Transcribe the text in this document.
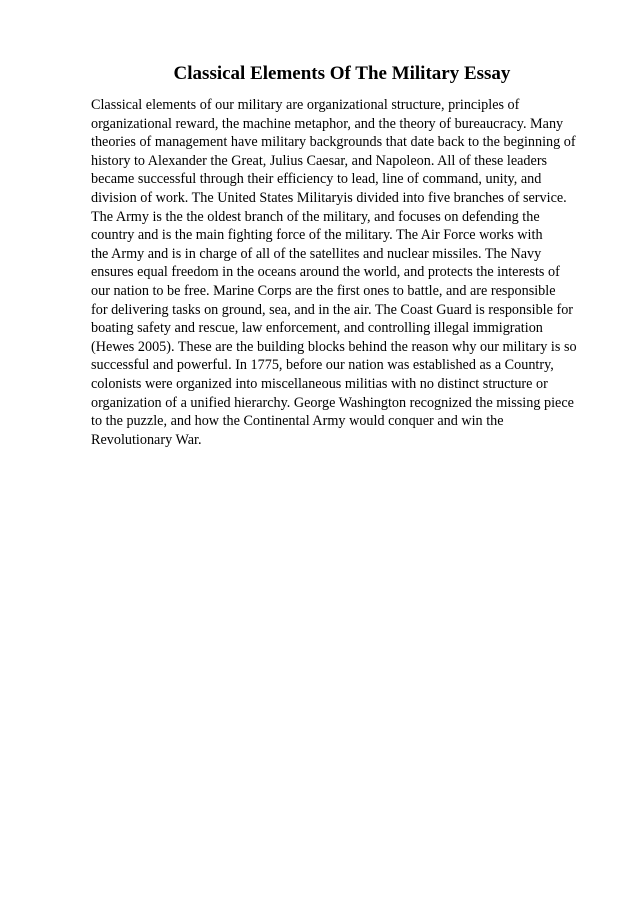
Classical Elements Of The Military Essay
Classical elements of our military are organizational structure, principles of
organizational reward, the machine metaphor, and the theory of bureaucracy. Many
theories of management have military backgrounds that date back to the beginning of
history to Alexander the Great, Julius Caesar, and Napoleon. All of these leaders
became successful through their efficiency to lead, line of command, unity, and
division of work. The United States Militaryis divided into five branches of service.
The Army is the the oldest branch of the military, and focuses on defending the
country and is the main fighting force of the military. The Air Force works with
the Army and is in charge of all of the satellites and nuclear missiles. The Navy
ensures equal freedom in the oceans around the world, and protects the interests of
our nation to be free. Marine Corps are the first ones to battle, and are responsible
for delivering tasks on ground, sea, and in the air. The Coast Guard is responsible for
boating safety and rescue, law enforcement, and controlling illegal immigration
(Hewes 2005). These are the building blocks behind the reason why our military is so
successful and powerful. In 1775, before our nation was established as a Country,
colonists were organized into miscellaneous militias with no distinct structure or
organization of a unified hierarchy. George Washington recognized the missing piece
to the puzzle, and how the Continental Army would conquer and win the
Revolutionary War.
